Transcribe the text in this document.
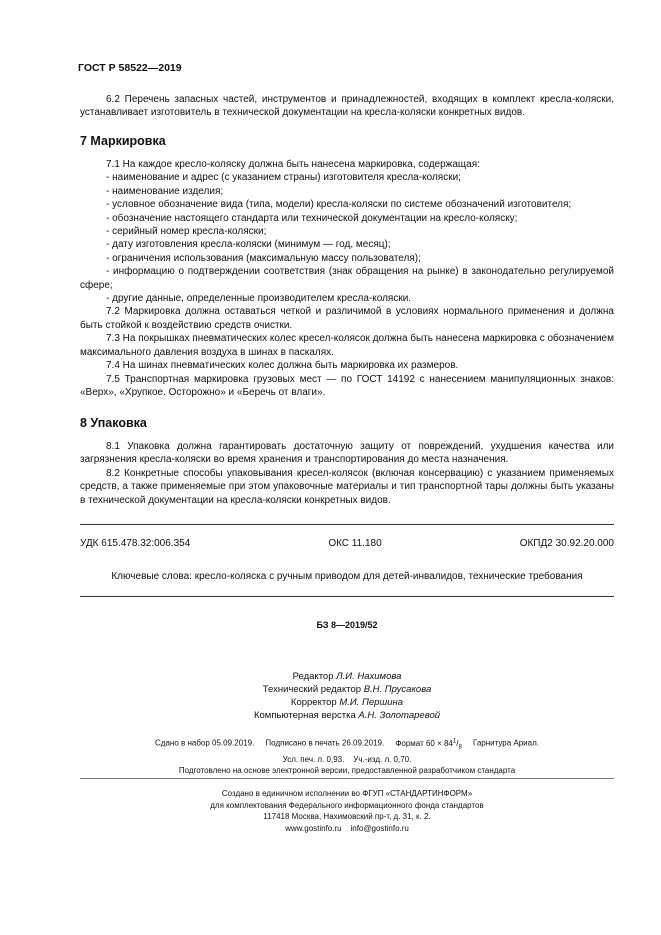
ГОСТ Р 58522—2019

6.2 Перечень запасных частей, инструментов и принадлежностей, входящих в комплект кресла-коляски, устанавливает изготовитель в технической документации на кресла-коляски конкретных видов.

7 Маркировка

7.1 На каждое кресло-коляску должна быть нанесена маркировка, содержащая:

- наименование и адрес (с указанием страны) изготовителя кресла-коляски;

- наименование изделия;

- условное обозначение вида (типа, модели) кресла-коляски по системе обозначений изготовителя;

- обозначение настоящего стандарта или технической документации на кресло-коляску;

- серийный номер кресла-коляски;

- дату изготовления кресла-коляски (минимум — год, месяц);

- ограничения использования (максимальную массу пользователя);

- информацию о подтверждении соответствия (знак обращения на рынке) в законодательно регулируемой сфере;

- другие данные, определенные производителем кресла-коляски.

7.2 Маркировка должна оставаться четкой и различимой в условиях нормального применения и должна быть стойкой к воздействию средств очистки.

7.3 На покрышках пневматических колес кресел-колясок должна быть нанесена маркировка с обозначением максимального давления воздуха в шинах в паскалях.

7.4 На шинах пневматических колес должна быть маркировка их размеров.

7.5 Транспортная маркировка грузовых мест — по ГОСТ 14192 с нанесением манипуляционных знаков: «Верх», «Хрупкое. Осторожно» и «Беречь от влаги».

8 Упаковка

8.1 Упаковка должна гарантировать достаточную защиту от повреждений, ухудшения качества или загрязнения кресла-коляски во время хранения и транспортирования до места назначения.

8.2 Конкретные способы упаковывания кресел-колясок (включая консервацию) с указанием применяемых средств, а также применяемые при этом упаковочные материалы и тип транспортной тары должны быть указаны в технической документации на кресла-коляски конкретных видов.

УДК 615.478.32:006.354	ОКС 11.180	ОКПД2 30.92.20.000
Ключевые слова: кресло-коляска с ручным приводом для детей-инвалидов, технические требования
БЗ 8—2019/52
Редактор Л.И. Нахимова
Технический редактор В.Н. Прусакова
Корректор М.И. Першина
Компьютерная верстка А.Н. Золотаревой
Сдано в набор 05.09.2019. Подписано в печать 26.09.2019. Формат $60 \times 84^1/_8$ Гарнитура Ариал.
Усл. печ. л. 0,93. Уч.-изд. л. 0,70.
Подготовлено на основе электронной версии, предоставленной разработчиком стандарта
Создано в единичном исполнении во ФГУП «СТАНДАРТИНФОРМ»
для комплектования Федерального информационного фонда стандартов
117418 Москва, Нахимовский пр-т, д. 31, к. 2.
www.gostinfo.ru info@gostinfo.ru
